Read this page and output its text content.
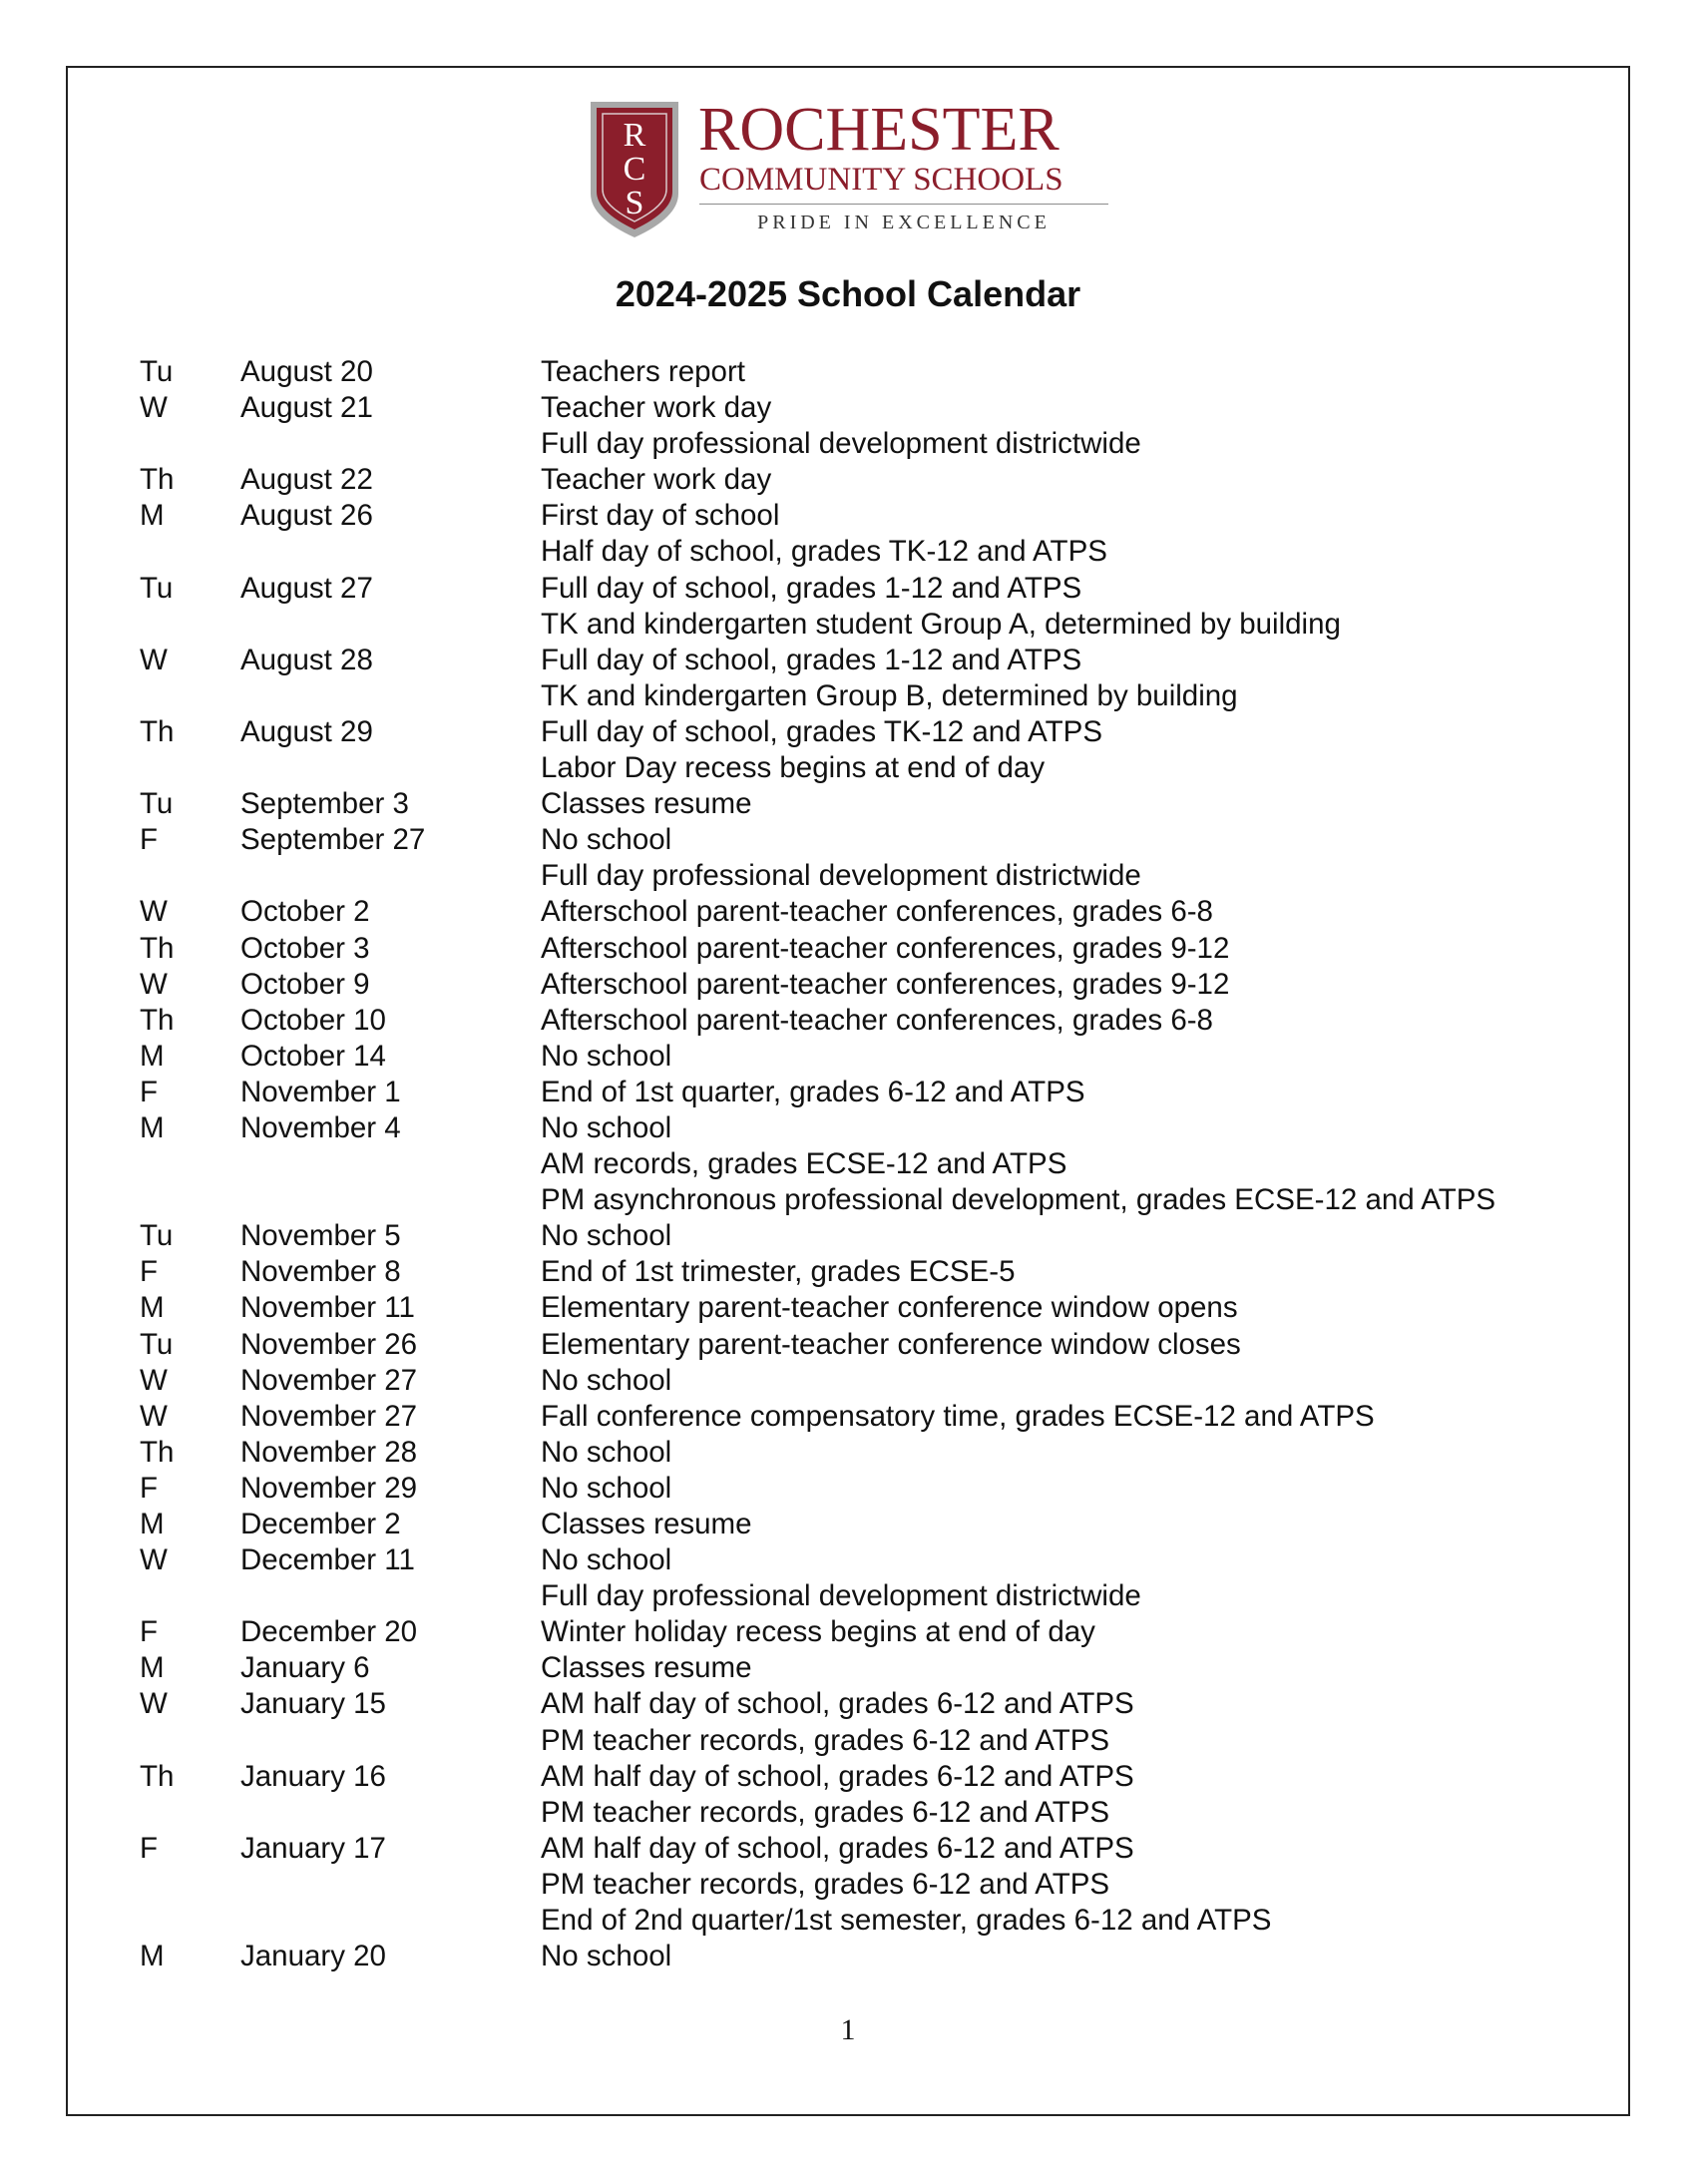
R
C
S
ROCHESTER
COMMUNITY SCHOOLS
PRIDE IN EXCELLENCE
2024-2025 School Calendar
Tu August 20	Teachers report
W August 21	Teacher work day
Full day professional development districtwide
Th August 22	Teacher work day
M	August 26	First day of school
Half day of school, grades TK-12 and ATPS
Tu August 27	Full day of school, grades 1-12 and ATPS
TK and kindergarten student Group A, determined by building
W August 28	Full day of school, grades 1-12 and ATPS
TK and kindergarten Group B, determined by building
Th August 29	Full day of school, grades TK-12 and ATPS
Labor Day recess begins at end of day
Tu September 3	Classes resume
F	September 27	No school
Full day professional development districtwide
W October 2	Afterschool parent-teacher conferences, grades 6-8
Th October 3	Afterschool parent-teacher conferences, grades 9-12
W October 9	Afterschool parent-teacher conferences, grades 9-12
Th October 10	Afterschool parent-teacher conferences, grades 6-8
M	October 14	No school
F	November 1	End of 1st quarter, grades 6-12 and ATPS
M	November 4	No school
AM records, grades ECSE-12 and ATPS
PM asynchronous professional development, grades ECSE-12 and ATPS
Tu November 5	No school
F	November 8	End of 1st trimester, grades ECSE-5
M	November 11	Elementary parent-teacher conference window opens
Tu November 26	Elementary parent-teacher conference window closes
W November 27	No school
W November 27	Fall conference compensatory time, grades ECSE-12 and ATPS
Th November 28	No school
F	November 29	No school
M	December 2	Classes resume
W December 11	No school
Full day professional development districtwide
F	December 20	Winter holiday recess begins at end of day
M	January 6	Classes resume
W January 15	AM half day of school, grades 6-12 and ATPS
PM teacher records, grades 6-12 and ATPS
Th January 16	AM half day of school, grades 6-12 and ATPS
PM teacher records, grades 6-12 and ATPS
F	January 17	AM half day of school, grades 6-12 and ATPS
PM teacher records, grades 6-12 and ATPS
End of 2nd quarter/1st semester, grades 6-12 and ATPS
M	January 20	No school
1
